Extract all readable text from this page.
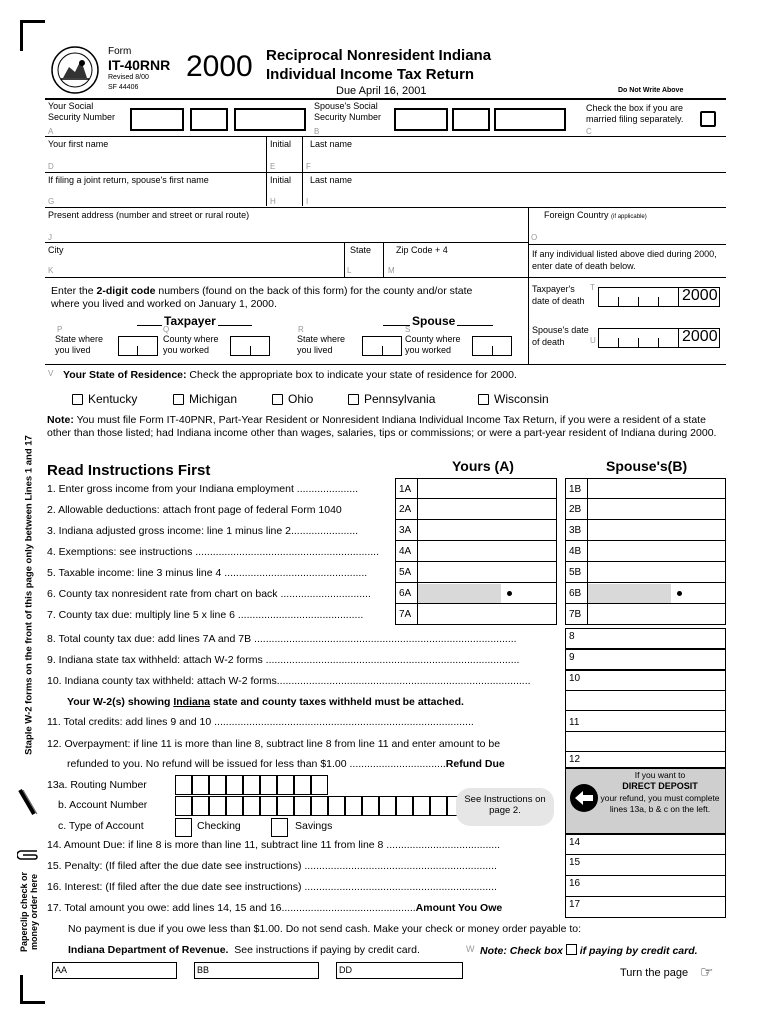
Form
IT-40RNR
Revised 8/00
SF 44406
2000 Reciprocal Nonresident Indiana
Individual Income Tax Return
Due April 16, 2001	Do Not Write Above
Your Social Security Number
A
Spouse's Social Security Number
B
Check the box if you are married filing separately.
C
Your first name	Initial Last name
D	E	F
If filing a joint return, spouse's first name	Initial Last name
G	H	I
Present address (number and street or rural route)	Foreign Country (if applicable)
J	O
City	State	Zip Code + 4
K	L	M
If any individual listed above died during 2000, enter date of death below.
Enter the 2-digit code numbers (found on the back of this form) for the county and/or state where you lived and worked on January 1, 2000.
Taxpayer	Spouse
P
State where you lived
Q
County where you worked
R
State where you lived
S
County where you worked
Taxpayer's date of death
T	2000
Spouse's date of death	U	2000
V Your State of Residence: Check the appropriate box to indicate your state of residence for 2000.
Kentucky	Michigan	Ohio	Pennsylvania	Wisconsin
Note: You must file Form IT-40PNR, Part-Year Resident or Nonresident Indiana Individual Income Tax Return, if you were a resident of a state other than those listed; had Indiana income other than wages, salaries, tips or commissions; or were a part-year resident of Indiana during 2000.
Staple W-2 forms on the front of this page only between Lines 1 and 17
Paperclip check or money order here
Read Instructions First	Yours (A)	Spouse's(B)
1. Enter gross income from your Indiana employment .....................	1A	1B
2. Allowable deductions: attach front page of federal Form 1040	2A	2B
3. Indiana adjusted gross income: line 1 minus line 2.......................	3A	3B
4. Exemptions: see instructions ............................................................... 4A	4B
5. Taxable income: line 3 minus line 4 .................................................	5A	5B
6. County tax nonresident rate from chart on back ...............................	6A	6B
7. County tax due: multiply line 5 x line 6 ...........................................	7A	7B
8. Total county tax due: add lines 7A and 7B ..........................................................................................
9. Indiana state tax withheld: attach W-2 forms .......................................................................................
10. Indiana county tax withheld: attach W-2 forms.......................................................................................
Your W-2(s) showing Indiana state and county taxes withheld must be attached.
11. Total credits: add lines 9 and 10 .........................................................................................
12. Overpayment: if line 11 is more than line 8, subtract line 8 from line 11 and enter amount to be
refunded to you. No refund will be issued for less than $1.00 .................................Refund Due
8
9
10
11
12
If you want to
DIRECT DEPOSIT
your refund, you must complete lines 13a, b & c on the left.
13a. Routing Number
b. Account Number
c. Type of Account	Checking	Savings
See Instructions on page 2.
14. Amount Due: if line 8 is more than line 11, subtract line 11 from line 8 .......................................
15. Penalty: (If filed after the due date see instructions) ..................................................................
16. Interest: (If filed after the due date see instructions) ..................................................................
17. Total amount you owe: add lines 14, 15 and 16..............................................Amount You Owe
14
15
16
17
No payment is due if you owe less than $1.00. Do not send cash. Make your check or money order payable to:
Indiana Department of Revenue. See instructions if paying by credit card.	W Note: Check box if paying by credit card.
AA	BB	DD	Turn the page ☞
